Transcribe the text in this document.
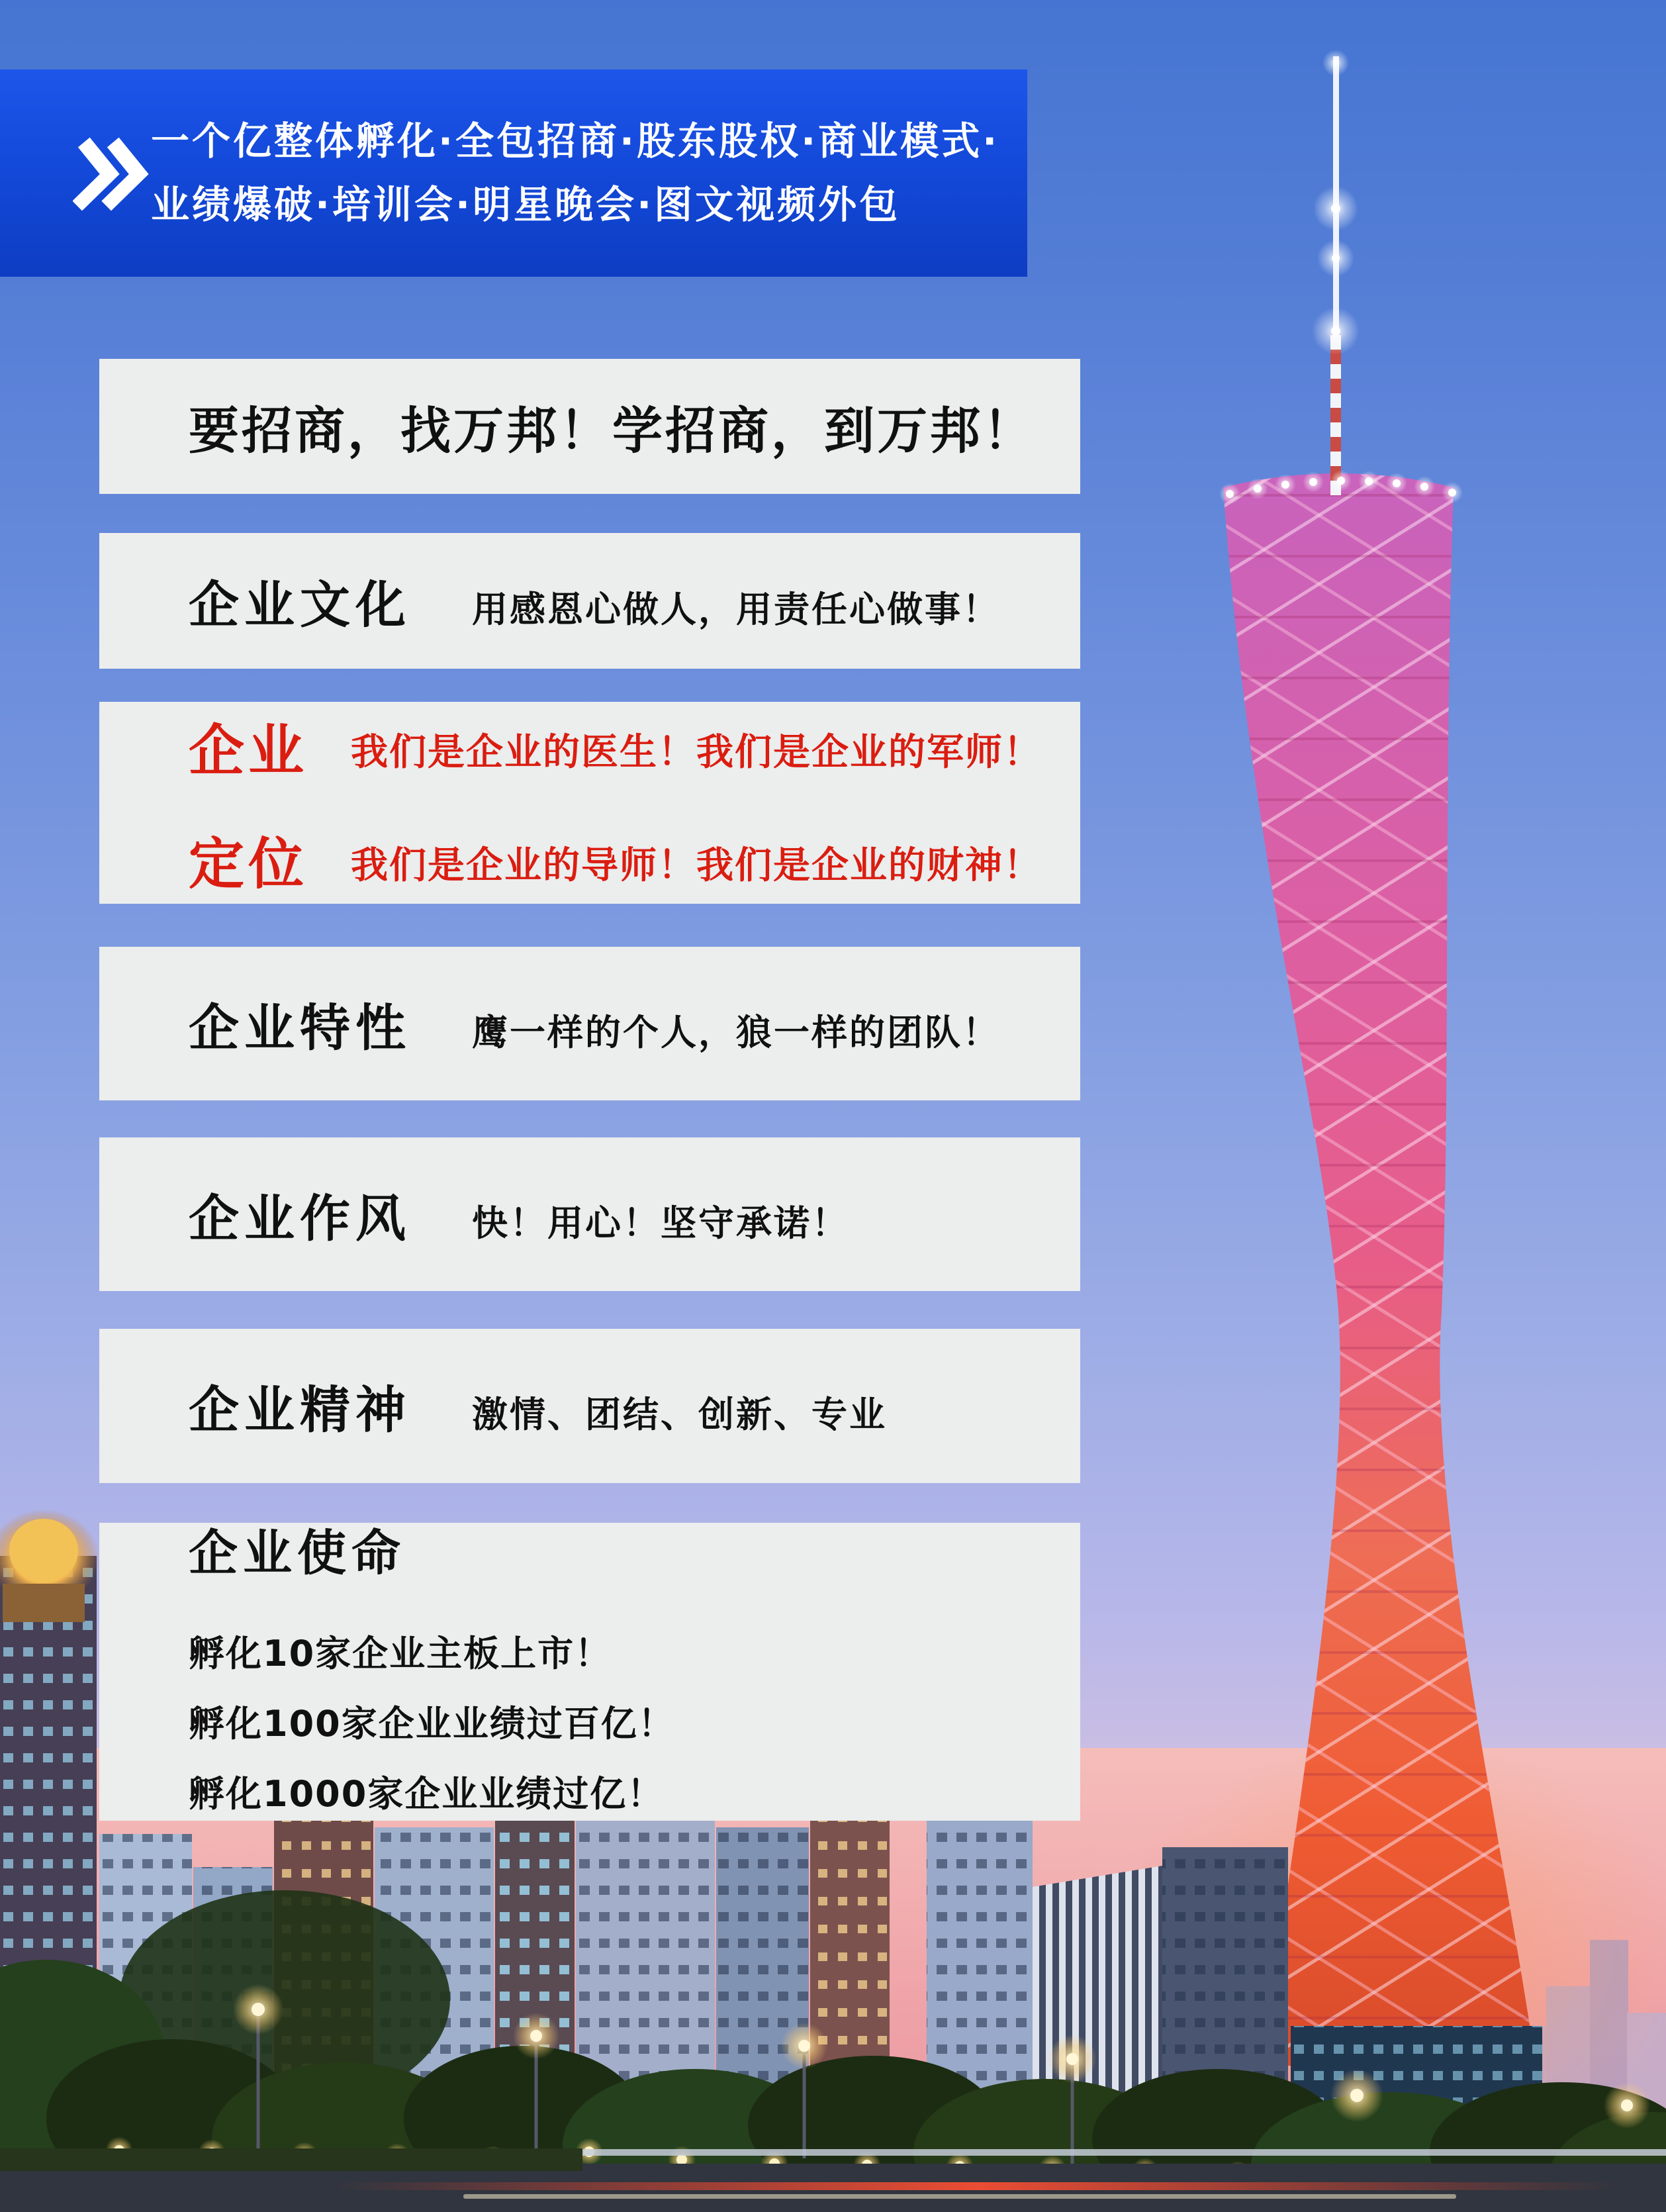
一个亿整体孵化·全包招商·股东股权·商业模式·
业绩爆破·培训会·明星晚会·图文视频外包
要招商，找万邦！学招商，到万邦！
企业文化 用感恩心做人，用责任心做事！
企业	我们是企业的医生！我们是企业的军师！
定位	我们是企业的导师！我们是企业的财神！
企业特性 鹰一样的个人，狼一样的团队！
企业作风 快！用心！坚守承诺！
企业精神 激情、团结、创新、专业
企业使命
孵化10家企业主板上市！
孵化100家企业业绩过百亿！
孵化1000家企业业绩过亿！
